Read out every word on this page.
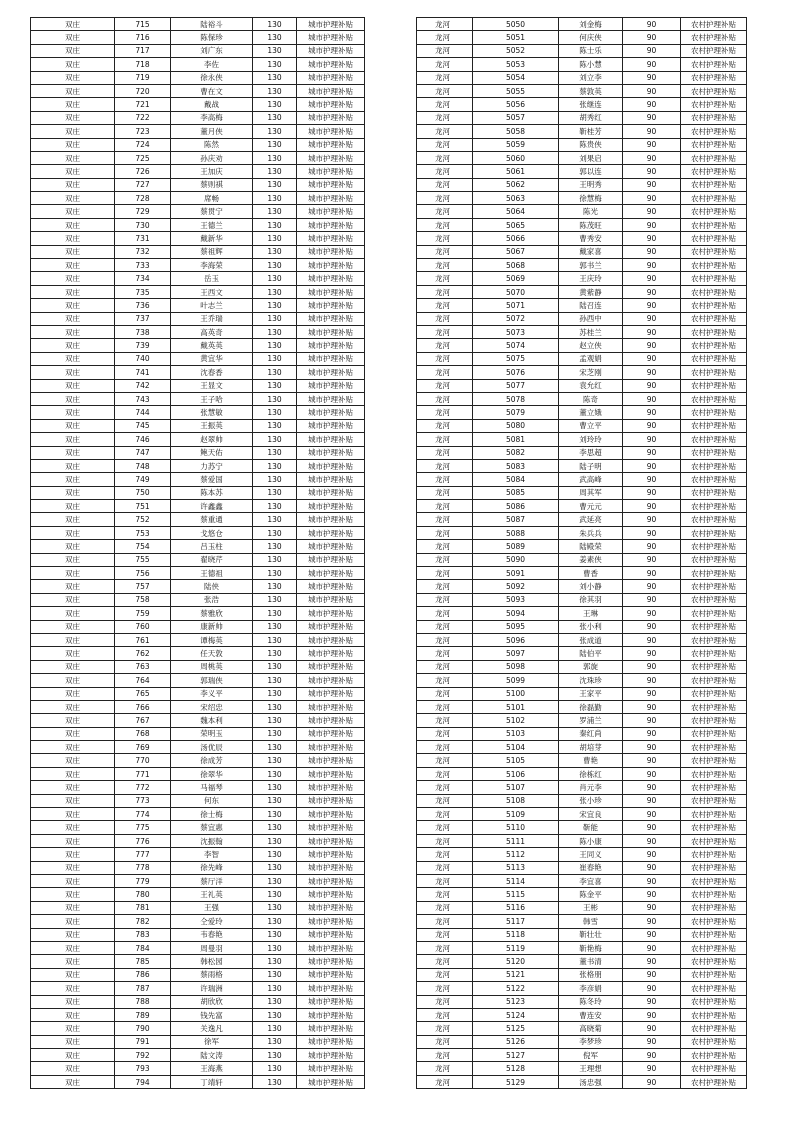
双庄	715	陆裕斗	130	城市护理补贴
双庄	716	陈保珍	130	城市护理补贴
双庄	717	刘广东	130	城市护理补贴
双庄	718	李佐	130	城市护理补贴
双庄	719	徐永侠	130	城市护理补贴
双庄	720	曹在文	130	城市护理补贴
双庄	721	戴战	130	城市护理补贴
双庄	722	李高梅	130	城市护理补贴
双庄	723	董月侠	130	城市护理补贴
双庄	724	陈然	130	城市护理补贴
双庄	725	孙庆劝	130	城市护理补贴
双庄	726	王加庆	130	城市护理补贴
双庄	727	蔡则祺	130	城市护理补贴
双庄	728	席畅	130	城市护理补贴
双庄	729	蔡贯宁	130	城市护理补贴
双庄	730	王德兰	130	城市护理补贴
双庄	731	戴新华	130	城市护理补贴
双庄	732	蔡祖辉	130	城市护理补贴
双庄	733	李海荣	130	城市护理补贴
双庄	734	岳玉	130	城市护理补贴
双庄	735	王西文	130	城市护理补贴
双庄	736	叶志兰	130	城市护理补贴
双庄	737	王乔瑞	130	城市护理补贴
双庄	738	高英奇	130	城市护理补贴
双庄	739	戴英英	130	城市护理补贴
双庄	740	黄宜华	130	城市护理补贴
双庄	741	沈春香	130	城市护理补贴
双庄	742	王显文	130	城市护理补贴
双庄	743	王子哈	130	城市护理补贴
双庄	744	张慧敏	130	城市护理补贴
双庄	745	王振英	130	城市护理补贴
双庄	746	赵翠帅	130	城市护理补贴
双庄	747	鲍天佑	130	城市护理补贴
双庄	748	力苏宁	130	城市护理补贴
双庄	749	蔡爱国	130	城市护理补贴
双庄	750	陈本苏	130	城市护理补贴
双庄	751	许鑫鑫	130	城市护理补贴
双庄	752	蔡重通	130	城市护理补贴
双庄	753	戈悠仓	130	城市护理补贴
双庄	754	吕玉柱	130	城市护理补贴
双庄	755	翟晓芹	130	城市护理补贴
双庄	756	王德祖	130	城市护理补贴
双庄	757	陆侠	130	城市护理补贴
双庄	758	张浩	130	城市护理补贴
双庄	759	蔡雅欣	130	城市护理补贴
双庄	760	康新帅	130	城市护理补贴
双庄	761	谭梅英	130	城市护理补贴
双庄	762	任天敦	130	城市护理补贴
双庄	763	周桃英	130	城市护理补贴
双庄	764	郭瑞侠	130	城市护理补贴
双庄	765	李义平	130	城市护理补贴
双庄	766	宋绍忠	130	城市护理补贴
双庄	767	魏本利	130	城市护理补贴
双庄	768	荣明玉	130	城市护理补贴
双庄	769	汤优辰	130	城市护理补贴
双庄	770	徐成芳	130	城市护理补贴
双庄	771	徐翠华	130	城市护理补贴
双庄	772	马福琴	130	城市护理补贴
双庄	773	何东	130	城市护理补贴
双庄	774	徐士梅	130	城市护理补贴
双庄	775	蔡宜惠	130	城市护理补贴
双庄	776	沈振翰	130	城市护理补贴
双庄	777	李智	130	城市护理补贴
双庄	778	徐先峰	130	城市护理补贴
双庄	779	蔡厅洋	130	城市护理补贴
双庄	780	王礼英	130	城市护理补贴
双庄	781	王强	130	城市护理补贴
双庄	782	仝爱玲	130	城市护理补贴
双庄	783	韦春艳	130	城市护理补贴
双庄	784	周曼羽	130	城市护理补贴
双庄	785	韩松园	130	城市护理补贴
双庄	786	蔡雨格	130	城市护理补贴
双庄	787	许瑞洲	130	城市护理补贴
双庄	788	胡欣欣	130	城市护理补贴
双庄	789	钱先富	130	城市护理补贴
双庄	790	关逸凡	130	城市护理补贴
双庄	791	徐军	130	城市护理补贴
双庄	792	陆文涛	130	城市护理补贴
双庄	793	王海燕	130	城市护理补贴
双庄	794	丁靖轩	130	城市护理补贴
龙河	5050	刘金梅	90	农村护理补贴
龙河	5051	何庆侠	90	农村护理补贴
龙河	5052	陈士乐	90	农村护理补贴
龙河	5053	陈小慧	90	农村护理补贴
龙河	5054	刘立李	90	农村护理补贴
龙河	5055	蔡敦英	90	农村护理补贴
龙河	5056	张继连	90	农村护理补贴
龙河	5057	胡秀红	90	农村护理补贴
龙河	5058	靳桂芳	90	农村护理补贴
龙河	5059	陈贵侠	90	农村护理补贴
龙河	5060	刘果启	90	农村护理补贴
龙河	5061	郭以连	90	农村护理补贴
龙河	5062	王明秀	90	农村护理补贴
龙河	5063	徐慧梅	90	农村护理补贴
龙河	5064	陈光	90	农村护理补贴
龙河	5065	陈茂旺	90	农村护理补贴
龙河	5066	曹秀安	90	农村护理补贴
龙河	5067	戴家喜	90	农村护理补贴
龙河	5068	郭书兰	90	农村护理补贴
龙河	5069	王庆玲	90	农村护理补贴
龙河	5070	黄紫静	90	农村护理补贴
龙河	5071	陆召连	90	农村护理补贴
龙河	5072	孙西中	90	农村护理补贴
龙河	5073	苏桂兰	90	农村护理补贴
龙河	5074	赵立侠	90	农村护理补贴
龙河	5075	孟观娟	90	农村护理补贴
龙河	5076	宋芝刚	90	农村护理补贴
龙河	5077	袁允红	90	农村护理补贴
龙河	5078	陈奇	90	农村护理补贴
龙河	5079	董立娥	90	农村护理补贴
龙河	5080	曹立平	90	农村护理补贴
龙河	5081	刘玲玲	90	农村护理补贴
龙河	5082	李思超	90	农村护理补贴
龙河	5083	陆子明	90	农村护理补贴
龙河	5084	武高峰	90	农村护理补贴
龙河	5085	周其军	90	农村护理补贴
龙河	5086	曹元元	90	农村护理补贴
龙河	5087	武延亮	90	农村护理补贴
龙河	5088	朱兵兵	90	农村护理补贴
龙河	5089	陆殿荣	90	农村护理补贴
龙河	5090	姜素侠	90	农村护理补贴
龙河	5091	曹香	90	农村护理补贴
龙河	5092	刘小静	90	农村护理补贴
龙河	5093	徐其羽	90	农村护理补贴
龙河	5094	王琳	90	农村护理补贴
龙河	5095	张小利	90	农村护理补贴
龙河	5096	张成道	90	农村护理补贴
龙河	5097	陆伯平	90	农村护理补贴
龙河	5098	郭旋	90	农村护理补贴
龙河	5099	沈珠珍	90	农村护理补贴
龙河	5100	王家平	90	农村护理补贴
龙河	5101	徐磊勤	90	农村护理补贴
龙河	5102	罗浦兰	90	农村护理补贴
龙河	5103	秦红尚	90	农村护理补贴
龙河	5104	胡培芽	90	农村护理补贴
龙河	5105	曹艳	90	农村护理补贴
龙河	5106	徐栋红	90	农村护理补贴
龙河	5107	肖元李	90	农村护理补贴
龙河	5108	张小珍	90	农村护理补贴
龙河	5109	宋宜良	90	农村护理补贴
龙河	5110	靳能	90	农村护理补贴
龙河	5111	陈小康	90	农村护理补贴
龙河	5112	王同义	90	农村护理补贴
龙河	5113	崔春艳	90	农村护理补贴
龙河	5114	李宜喜	90	农村护理补贴
龙河	5115	陈金平	90	农村护理补贴
龙河	5116	王彬	90	农村护理补贴
龙河	5117	韩雪	90	农村护理补贴
龙河	5118	靳壮壮	90	农村护理补贴
龙河	5119	靳艳梅	90	农村护理补贴
龙河	5120	董书清	90	农村护理补贴
龙河	5121	张格朋	90	农村护理补贴
龙河	5122	李彦娟	90	农村护理补贴
龙河	5123	陈冬玲	90	农村护理补贴
龙河	5124	曹连安	90	农村护理补贴
龙河	5125	高晓菊	90	农村护理补贴
龙河	5126	李梦珍	90	农村护理补贴
龙河	5127	倪军	90	农村护理补贴
龙河	5128	王理想	90	农村护理补贴
龙河	5129	汤忠强	90	农村护理补贴
